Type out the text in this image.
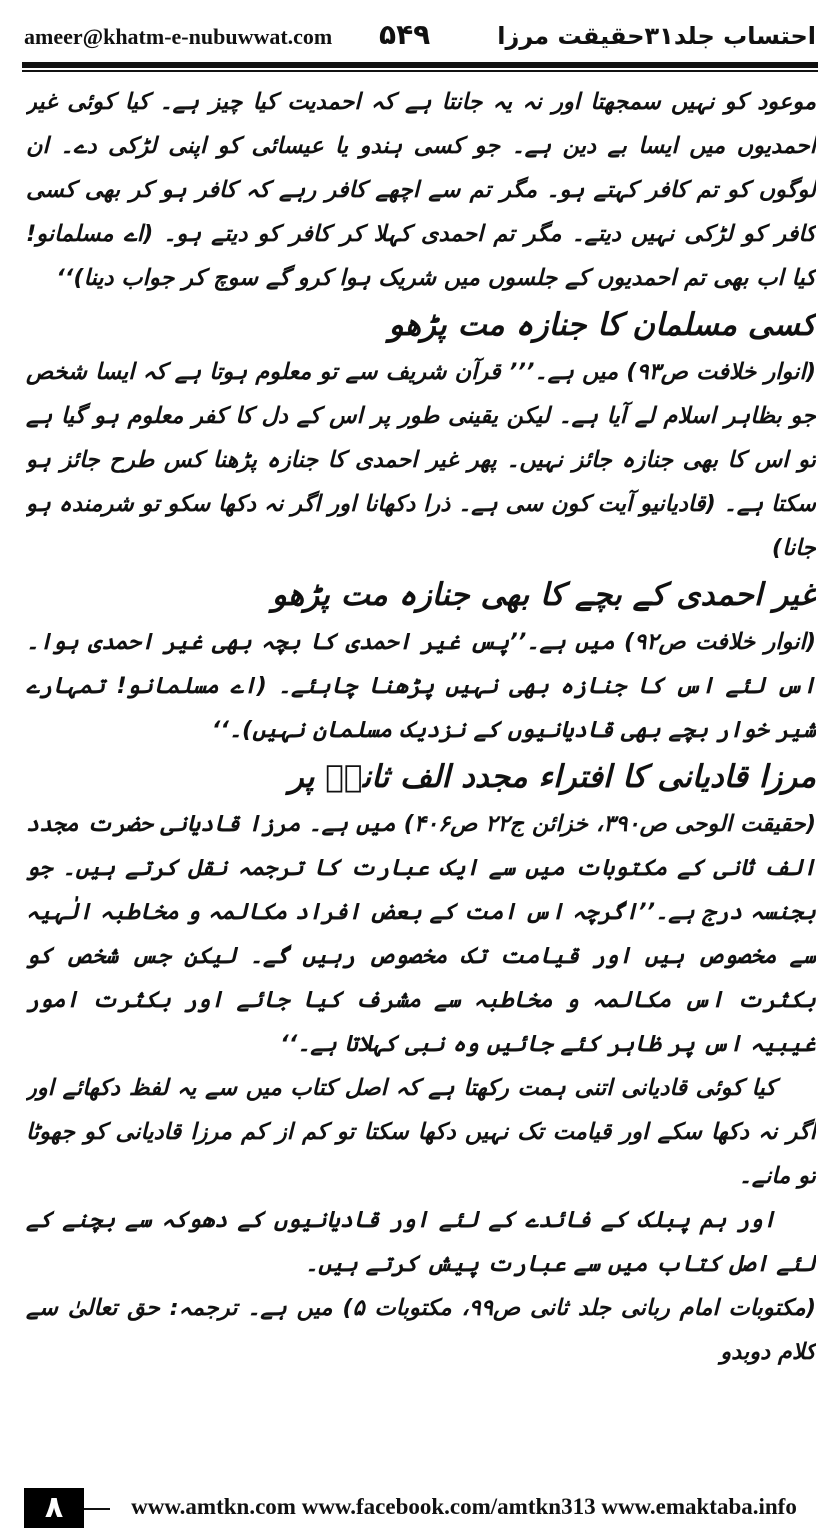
ameer@khatm-e-nubuwwat.com ۵۴۹	احتساب جلد۳۱حقیقت مرزا

موعود کو نہیں سمجھتا اور نہ یہ جانتا ہے کہ احمدیت کیا چیز ہے۔ کیا کوئی غیر احمدیوں میں ایسا بے دین ہے۔ جو کسی ہندو یا عیسائی کو اپنی لڑکی دے۔ ان لوگوں کو تم کافر کہتے ہو۔ مگر تم سے اچھے کافر رہے کہ کافر ہو کر بھی کسی کافر کو لڑکی نہیں دیتے۔ مگر تم احمدی کہلا کر کافر کو دیتے ہو۔ (اے مسلمانو! کیا اب بھی تم احمدیوں کے جلسوں میں شریک ہوا کرو گے سوچ کر جواب دینا)‘‘

کسی مسلمان کا جنازہ مت پڑھو

(انوار خلافت ص۹۳) میں ہے۔’’’ قرآن شریف سے تو معلوم ہوتا ہے کہ ایسا شخص جو بظاہر اسلام لے آیا ہے۔ لیکن یقینی طور پر اس کے دل کا کفر معلوم ہو گیا ہے تو اس کا بھی جنازہ جائز نہیں۔ پھر غیر احمدی کا جنازہ پڑھنا کس طرح جائز ہو سکتا ہے۔ (قادیانیو آیت کون سی ہے۔ ذرا دکھانا اور اگر نہ دکھا سکو تو شرمندہ ہو جانا)

غیر احمدی کے بچے کا بھی جنازہ مت پڑھو

(انوار خلافت ص۹۲) میں ہے۔’’پس غیر احمدی کا بچہ بھی غیر احمدی ہوا۔ اس لئے اس کا جنازہ بھی نہیں پڑھنا چاہئے۔ (اے مسلمانو! تمہارے شیر خوار بچے بھی قادیانیوں کے نزدیک مسلمان نہیں)۔‘‘

مرزا قادیانی کا افتراء مجدد الف ثانیؒ پر

(حقیقت الوحی ص۳۹۰، خزائن ج۲۲ ص۴۰۶) میں ہے۔ مرزا قادیانی حضرت مجدد الف ثانی کے مکتوبات میں سے ایک عبارت کا ترجمہ نقل کرتے ہیں۔ جو بجنسہ درج ہے۔’’اگرچہ اس امت کے بعض افراد مکالمہ و مخاطبہ الٰہیہ سے مخصوص ہیں اور قیامت تک مخصوص رہیں گے۔ لیکن جس شخص کو بکثرت اس مکالمہ و مخاطبہ سے مشرف کیا جائے اور بکثرت امور غیبیہ اس پر ظاہر کئے جائیں وہ نبی کہلاتا ہے۔‘‘

کیا کوئی قادیانی اتنی ہمت رکھتا ہے کہ اصل کتاب میں سے یہ لفظ دکھائے اور اگر نہ دکھا سکے اور قیامت تک نہیں دکھا سکتا تو کم از کم مرزا قادیانی کو جھوٹا تو مانے۔

اور ہم پبلک کے فائدے کے لئے اور قادیانیوں کے دھوکہ سے بچنے کے لئے اصل کتاب میں سے عبارت پیش کرتے ہیں۔

(مکتوبات امام ربانی جلد ثانی ص۹۹، مکتوبات ۵) میں ہے۔ ترجمہ: حق تعالیٰ سے کلام دوبدو

۸	www.amtkn.com www.facebook.com/amtkn313 www.emaktaba.info
